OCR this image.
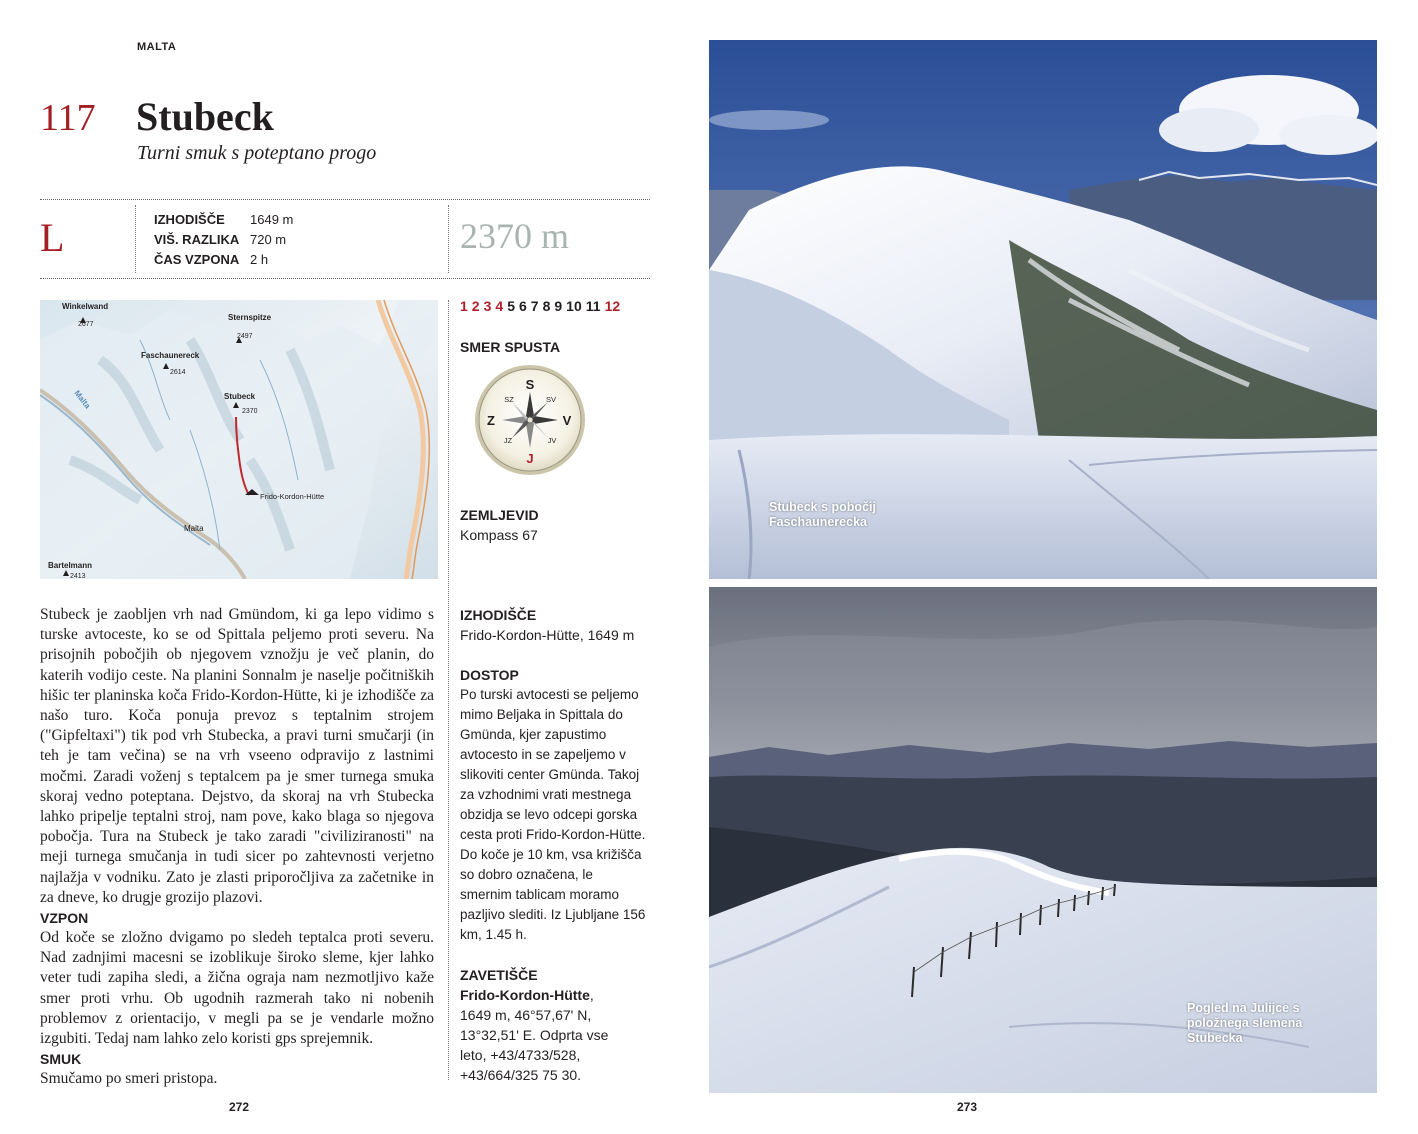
MALTA
117 Stubeck
Turni smuk s poteptano progo
L	IZHODIŠČE	1649 m
VIŠ. RAZLIKA 720 m
ČAS VZPONA 2 h
2370 m
Winkelwand
2677
Sternspitze
2497
Faschaunereck
2614
Stubeck
2370
Malta
Frido-Kordon-Hütte
Malta
Bartelmann
2413
Stubeck je zaobljen vrh nad Gmündom, ki ga lepo vidimo s turske avtoceste, ko se od Spittala peljemo proti severu. Na prisojnih pobočjih ob njegovem vznožju je več planin, do katerih vodijo ceste. Na planini Sonnalm je naselje počitniških hišic ter planinska koča Frido-Kordon-Hütte, ki je izhodišče za našo turo. Koča ponuja prevoz s teptalnim strojem ("Gipfeltaxi") tik pod vrh Stubecka, a pravi turni smučarji (in teh je tam večina) se na vrh vseeno odpravijo z lastnimi močmi. Zaradi voženj s teptalcem pa je smer turnega smuka skoraj vedno poteptana. Dejstvo, da skoraj na vrh Stubecka lahko pripelje teptalni stroj, nam pove, kako blaga so njegova pobočja. Tura na Stubeck je tako zaradi "civiliziranosti" na meji turnega smučanja in tudi sicer po zahtevnosti verjetno najlažja v vodniku. Zato je zlasti priporočljiva za začetnike in za dneve, ko drugje grozijo plazovi.
VZPON
Od koče se zložno dvigamo po sledeh teptalca proti severu. Nad zadnjimi macesni se izoblikuje široko sleme, kjer lahko veter tudi zapiha sledi, a žična ograja nam nezmotljivo kaže smer proti vrhu. Ob ugodnih razmerah tako ni nobenih problemov z orientacijo, v megli pa se je vendarle možno izgubiti. Tedaj nam lahko zelo koristi gps sprejemnik.
SMUK
Smučamo po smeri pristopa.
1 2 3 4 5 6 7 8 9 10 11 12
SMER SPUSTA
S
SZ	SV
Z	V
JZ	JV
J
ZEMLJEVID
Kompass 67
IZHODIŠČE
Frido-Kordon-Hütte, 1649 m
DOSTOP
Po turski avtocesti se peljemo mimo Beljaka in Spittala do Gmünda, kjer zapustimo avtocesto in se zapeljemo v slikoviti center Gmünda. Takoj za vzhodnimi vrati mestnega obzidja se levo odcepi gorska cesta proti Frido-Kordon-Hütte. Do koče je 10 km, vsa križišča so dobro označena, le smernim tablicam moramo pazljivo slediti. Iz Ljubljane 156 km, 1.45 h.
ZAVETIŠČE
Frido-Kordon-Hütte, 1649 m, 46°57,67' N, 13°32,51' E. Odprta vse leto, +43/4733/528, +43/664/325 75 30.
272
Stubeck s pobočij Faschaunerecka
Pogled na Julijce s položnega slemena Stubecka
273
